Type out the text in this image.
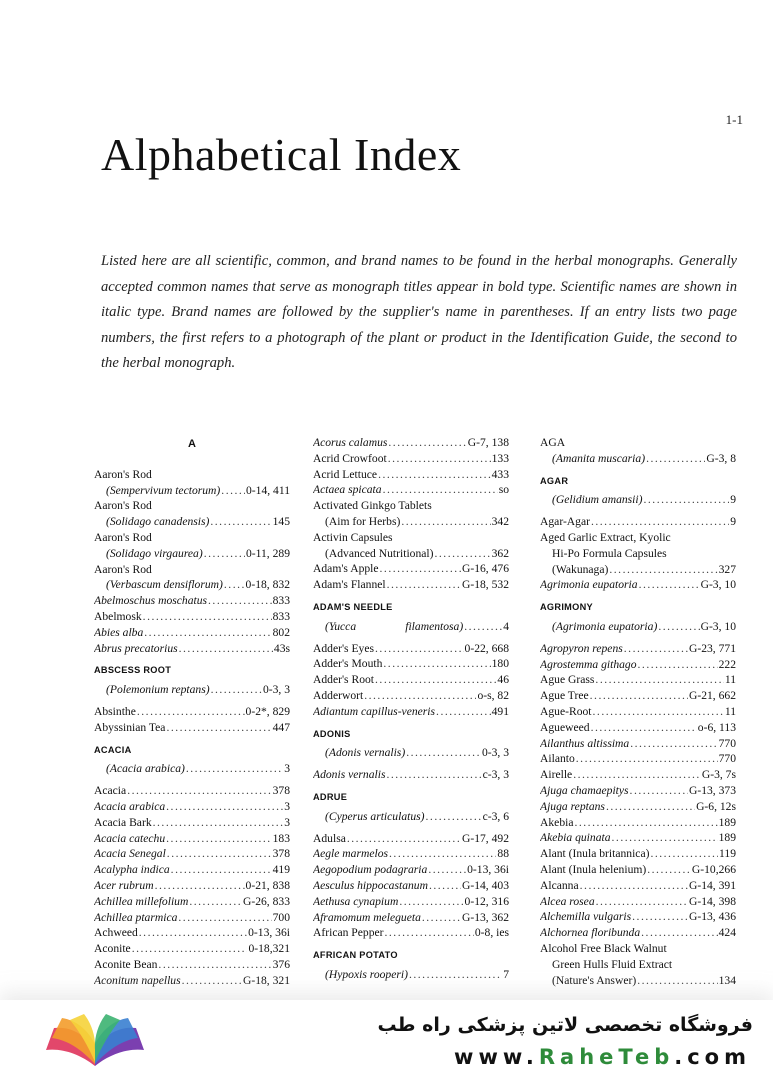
1-1
Alphabetical Index

Listed here are all scientific, common, and brand names to be found in the herbal monographs. Generally accepted common names that serve as monograph titles appear in bold type. Scientific names are shown in italic type. Brand names are followed by the supplier's name in parentheses. If an entry lists two page numbers, the first refers to a photograph of the plant or product in the Identification Guide, the second to the herbal monograph.

A
Aaron's Rod
(Sempervivum tectorum) ..... 0-14, 411
Aaron's Rod
(Solidago canadensis) .....	145
Aaron's Rod
(Solidago virgaurea) .....	0-11, 289
Aaron's Rod
(Verbascum densiflorum) ..... 0-18, 832
Abelmoschus moschatus .....	833
Abelmosk .....	833
Abies alba .....	802
Abrus precatorius .....	43s
ABSCESS ROOT
(Polemonium reptans) .....	0-3, 3
Absinthe .....	0-2*, 829
Abyssinian Tea .....	447
ACACIA
(Acacia arabica) .....	3
Acacia .....	378
Acacia arabica .....	3
Acacia Bark .....	3
Acacia catechu .....	183
Acacia Senegal .....	378
Acalypha indica .....	419
Acer rubrum .....	0-21, 838
Achillea millefolium .....	G-26, 833
Achillea ptarmica .....	700
Achweed .....	0-13, 36i
Aconite .....	0-18,321
Aconite Bean .....	376
Aconitum napellus .....	G-18, 321
Acorus calamus .....	G-7, 138
Acrid Crowfoot .....	133
Acrid Lettuce .....	433
Actaea spicata .....	so
Activated Ginkgo Tablets
(Aim for Herbs) .....	342
Activin Capsules
(Advanced Nutritional) .....	362
Adam's Apple .....	G-16, 476
Adam's Flannel .....	G-18, 532
ADAM'S NEEDLE
(Yucca	filamentosa) .....	4
Adder's Eyes .....	0-22, 668
Adder's Mouth .....	180
Adder's Root .....	46
Adderwort .....	o-s, 82
Adiantum capillus-veneris .....	491
ADONIS
(Adonis vernalis) .....	0-3, 3
Adonis vernalis .....	c-3, 3
ADRUE
(Cyperus articulatus) .....	c-3, 6
Adulsa .....	G-17, 492
Aegle marmelos .....	88
Aegopodium podagraria .....	0-13, 36i
Aesculus hippocastanum .....	G-14, 403
Aethusa cynapium .....	0-12, 316
Aframomum melegueta .....	G-13, 362
African Pepper .....	0-8, ies
AFRICAN POTATO
(Hypoxis rooperi) .....	7
AGA
(Amanita muscaria) .....	G-3, 8
AGAR
(Gelidium amansii) .....	9
Agar-Agar .....	9
Aged Garlic Extract, Kyolic
Hi-Po Formula Capsules
(Wakunaga) .....	327
Agrimonia eupatoria .....	G-3, 10
AGRIMONY
(Agrimonia eupatoria) .....	G-3, 10
Agropyron repens .....	G-23, 771
Agrostemma githago .....	222
Ague Grass .....	11
Ague Tree .....	G-21, 662
Ague-Root .....	11
Agueweed .....	o-6, 113
Ailanthus altissima .....	770
Ailanto .....	770
Airelle .....	G-3, 7s
Ajuga chamaepitys .....	G-13, 373
Ajuga reptans .....	G-6, 12s
Akebia .....	189
Akebia quinata .....	189
Alant (Inula britannica) .....	119
Alant (Inula helenium) .....	G-10,266
Alcanna .....	G-14, 391
Alcea rosea .....	G-14, 398
Alchemilla vulgaris .....	G-13, 436
Alchornea floribunda .....	424
Alcohol Free Black Walnut
Green Hulls Fluid Extract
(Nature's Answer) .....	134
فروشگاه تخصصی لاتین پزشکی راه طب
www.RaheTeb.com
